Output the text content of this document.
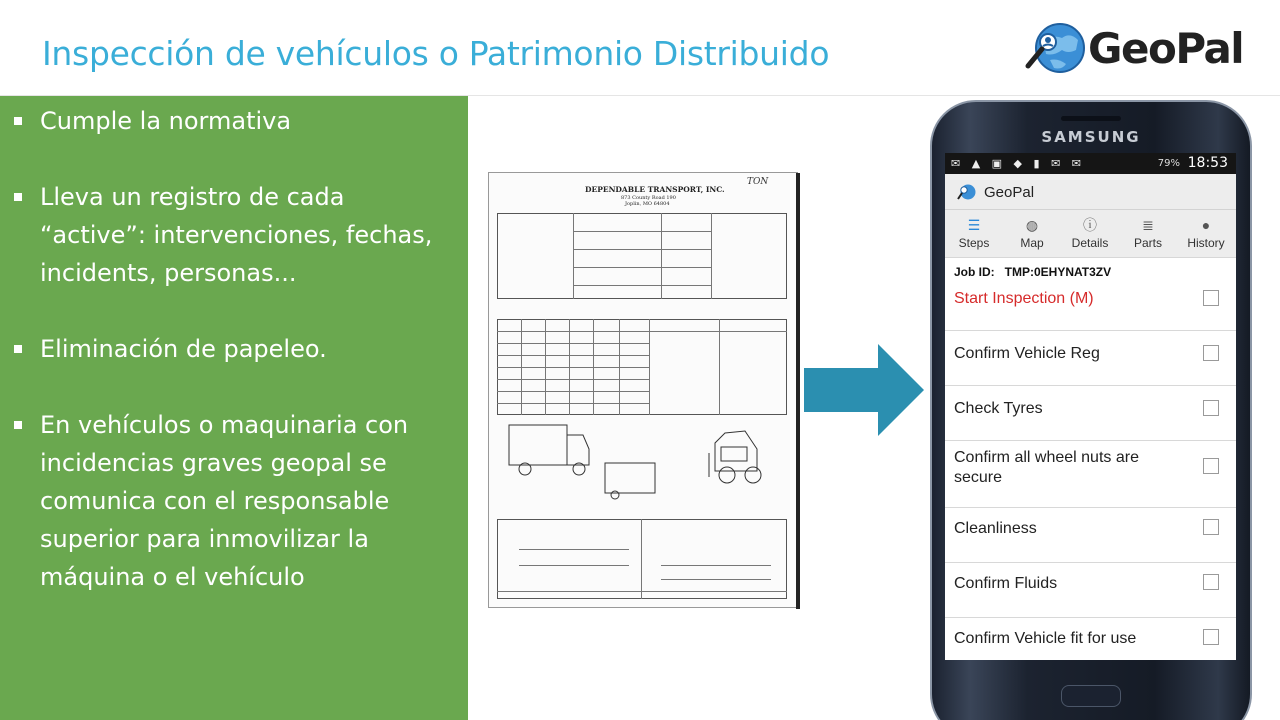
Inspección de vehículos o Patrimonio Distribuido	GeoPal
Cumple la normativa
Lleva un registro de cada
“active”: intervenciones, fechas,
incidents, personas...
Eliminación de papeleo.
En vehículos o maquinaria con
incidencias graves geopal se
comunica con el responsable
superior para inmovilizar la
máquina o el vehículo
DEPENDABLE TRANSPORT, INC.
873 County Road 190
Joplin, MO 64804
TON
SAMSUNG
✉ ▲ ▣ ◆ ▮ ✉ ✉	79% 18:53
GeoPal
☰
Steps
◍
Map
ⓘ
Details
≣
Parts
●
History
Job ID: TMP:0EHYNAT3ZV
Start Inspection (M)
Confirm Vehicle Reg
Check Tyres
Confirm all wheel nuts are secure
Cleanliness
Confirm Fluids
Confirm Vehicle fit for use
